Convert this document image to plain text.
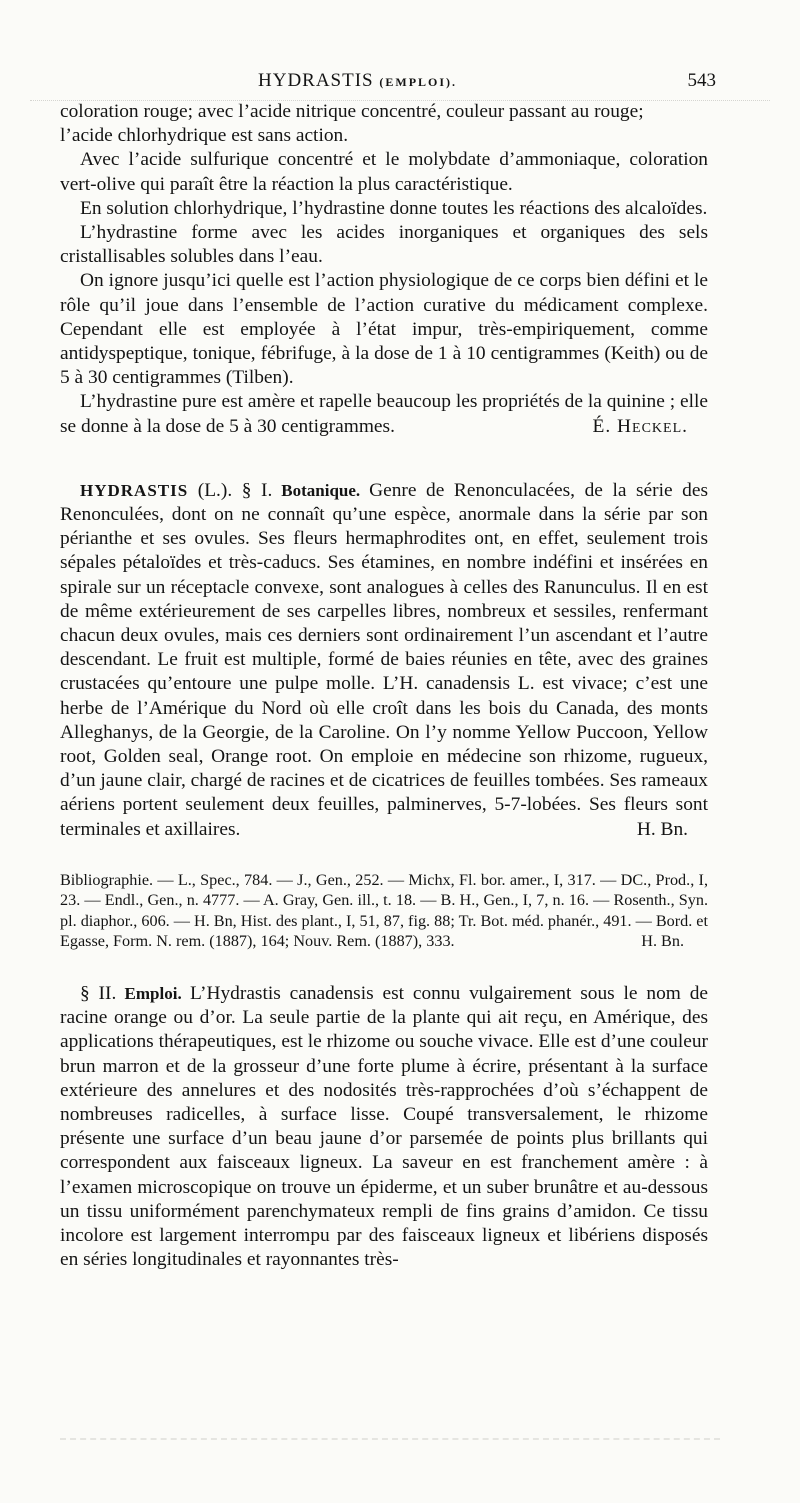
HYDRASTIS (EMPLOI).	543

coloration rouge; avec l’acide nitrique concentré, couleur passant au rouge;

l’acide chlorhydrique est sans action.

Avec l’acide sulfurique concentré et le molybdate d’ammoniaque, coloration vert-olive qui paraît être la réaction la plus caractéristique.

En solution chlorhydrique, l’hydrastine donne toutes les réactions des alcaloïdes.

L’hydrastine forme avec les acides inorganiques et organiques des sels cristallisables solubles dans l’eau.

On ignore jusqu’ici quelle est l’action physiologique de ce corps bien défini et le rôle qu’il joue dans l’ensemble de l’action curative du médicament complexe. Cependant elle est employée à l’état impur, très-empiriquement, comme antidyspeptique, tonique, fébrifuge, à la dose de 1 à 10 centigrammes (Keith) ou de 5 à 30 centigrammes (Tilben).

L’hydrastine pure est amère et rapelle beaucoup les propriétés de la quinine ; elle se donne à la dose de 5 à 30 centigrammes.	É. Heckel.

HYDRASTIS (L.). § I. Botanique. Genre de Renonculacées, de la série des Renonculées, dont on ne connaît qu’une espèce, anormale dans la série par son périanthe et ses ovules. Ses fleurs hermaphrodites ont, en effet, seulement trois sépales pétaloïdes et très-caducs. Ses étamines, en nombre indéfini et insérées en spirale sur un réceptacle convexe, sont analogues à celles des Ranunculus. Il en est de même extérieurement de ses carpelles libres, nombreux et sessiles, renfermant chacun deux ovules, mais ces derniers sont ordinairement l’un ascendant et l’autre descendant. Le fruit est multiple, formé de baies réunies en tête, avec des graines crustacées qu’entoure une pulpe molle. L’H. canadensis L. est vivace; c’est une herbe de l’Amérique du Nord où elle croît dans les bois du Canada, des monts Alleghanys, de la Georgie, de la Caroline. On l’y nomme Yellow Puccoon, Yellow root, Golden seal, Orange root. On emploie en médecine son rhizome, rugueux, d’un jaune clair, chargé de racines et de cicatrices de feuilles tombées. Ses rameaux aériens portent seulement deux feuilles, palminerves, 5-7-lobées. Ses fleurs sont terminales et axillaires.	H. Bn.

Bibliographie. — L., Spec., 784. — J., Gen., 252. — Michx, Fl. bor. amer., I, 317. — DC., Prod., I, 23. — Endl., Gen., n. 4777. — A. Gray, Gen. ill., t. 18. — B. H., Gen., I, 7, n. 16. — Rosenth., Syn. pl. diaphor., 606. — H. Bn, Hist. des plant., I, 51, 87, fig. 88; Tr. Bot. méd. phanér., 491. — Bord. et Egasse, Form. N. rem. (1887), 164; Nouv. Rem. (1887), 333.	H. Bn.

§ II. Emploi. L’Hydrastis canadensis est connu vulgairement sous le nom de racine orange ou d’or. La seule partie de la plante qui ait reçu, en Amérique, des applications thérapeutiques, est le rhizome ou souche vivace. Elle est d’une couleur brun marron et de la grosseur d’une forte plume à écrire, présentant à la surface extérieure des annelures et des nodosités très-rapprochées d’où s’échappent de nombreuses radicelles, à surface lisse. Coupé transversalement, le rhizome présente une surface d’un beau jaune d’or parsemée de points plus brillants qui correspondent aux faisceaux ligneux. La saveur en est franchement amère : à l’examen microscopique on trouve un épiderme, et un suber brunâtre et au-dessous un tissu uniformément parenchymateux rempli de fins grains d’amidon. Ce tissu incolore est largement interrompu par des faisceaux ligneux et libériens disposés en séries longitudinales et rayonnantes très-
